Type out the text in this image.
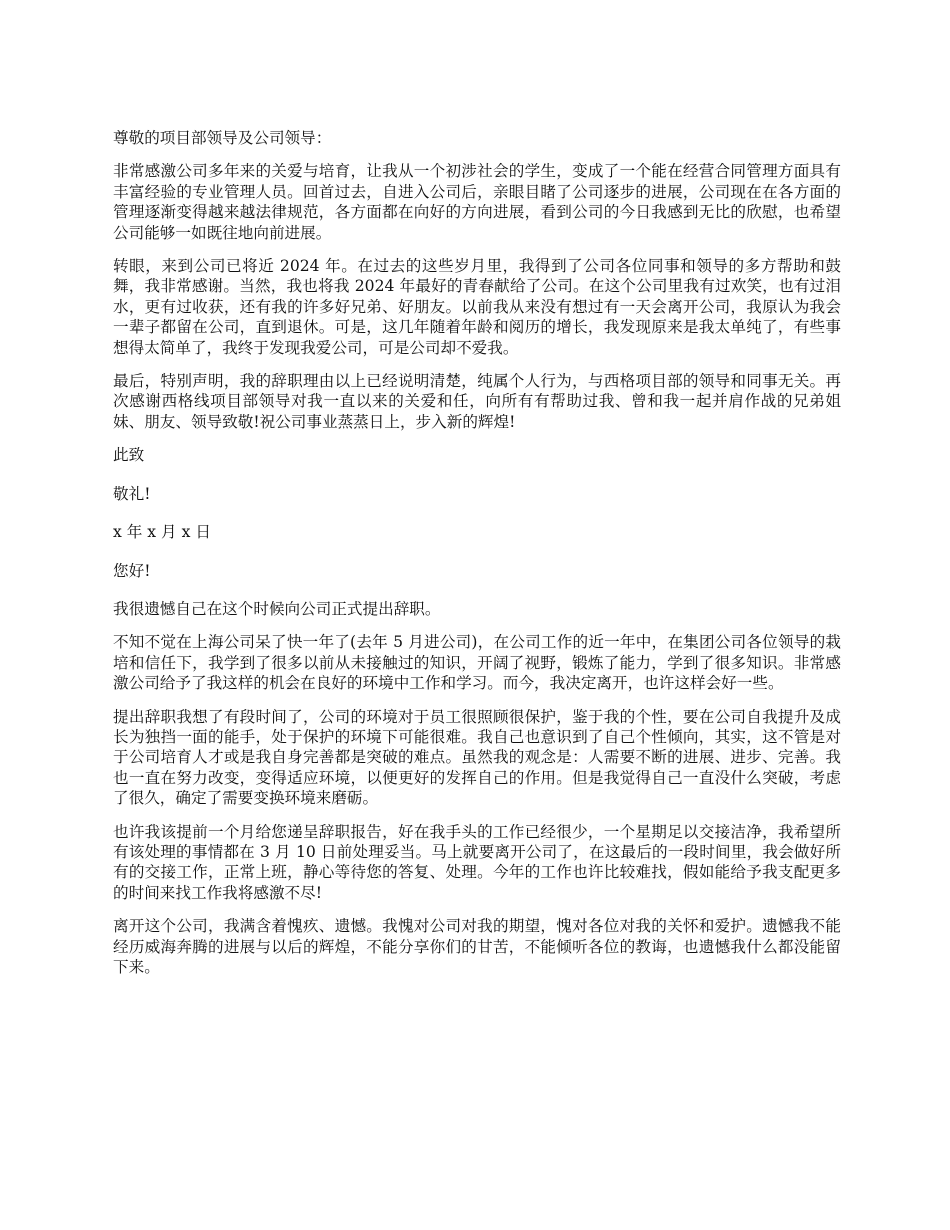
尊敬的项目部领导及公司领导：

非常感激公司多年来的关爱与培育，让我从一个初涉社会的学生，变成了一个能在经营合同管理方面具有丰富经验的专业管理人员。回首过去，自进入公司后，亲眼目睹了公司逐步的进展，公司现在在各方面的管理逐渐变得越来越法律规范，各方面都在向好的方向进展，看到公司的今日我感到无比的欣慰，也希望公司能够一如既往地向前进展。

转眼，来到公司已将近 2024 年。在过去的这些岁月里，我得到了公司各位同事和领导的多方帮助和鼓舞，我非常感谢。当然，我也将我 2024 年最好的青春献给了公司。在这个公司里我有过欢笑，也有过泪水，更有过收获，还有我的许多好兄弟、好朋友。以前我从来没有想过有一天会离开公司，我原认为我会一辈子都留在公司，直到退休。可是，这几年随着年龄和阅历的增长，我发现原来是我太单纯了，有些事想得太简单了，我终于发现我爱公司，可是公司却不爱我。

最后，特别声明，我的辞职理由以上已经说明清楚，纯属个人行为，与西格项目部的领导和同事无关。再次感谢西格线项目部领导对我一直以来的关爱和任，向所有有帮助过我、曾和我一起并肩作战的兄弟姐妹、朋友、领导致敬!祝公司事业蒸蒸日上，步入新的辉煌!

此致

敬礼!

x 年 x 月 x 日

您好!

我很遗憾自己在这个时候向公司正式提出辞职。

不知不觉在上海公司呆了快一年了(去年 5 月进公司)，在公司工作的近一年中，在集团公司各位领导的栽培和信任下，我学到了很多以前从未接触过的知识，开阔了视野，锻炼了能力，学到了很多知识。非常感激公司给予了我这样的机会在良好的环境中工作和学习。而今，我决定离开，也许这样会好一些。

提出辞职我想了有段时间了，公司的环境对于员工很照顾很保护，鉴于我的个性，要在公司自我提升及成长为独挡一面的能手，处于保护的环境下可能很难。我自己也意识到了自己个性倾向，其实，这不管是对于公司培育人才或是我自身完善都是突破的难点。虽然我的观念是：人需要不断的进展、进步、完善。我也一直在努力改变，变得适应环境，以便更好的发挥自己的作用。但是我觉得自己一直没什么突破，考虑了很久，确定了需要变换环境来磨砺。

也许我该提前一个月给您递呈辞职报告，好在我手头的工作已经很少，一个星期足以交接洁净，我希望所有该处理的事情都在 3 月 10 日前处理妥当。马上就要离开公司了，在这最后的一段时间里，我会做好所有的交接工作，正常上班，静心等待您的答复、处理。今年的工作也许比较难找，假如能给予我支配更多的时间来找工作我将感激不尽!

离开这个公司，我满含着愧疚、遗憾。我愧对公司对我的期望，愧对各位对我的关怀和爱护。遗憾我不能经历威海奔腾的进展与以后的辉煌，不能分享你们的甘苦，不能倾听各位的教诲，也遗憾我什么都没能留下来。
